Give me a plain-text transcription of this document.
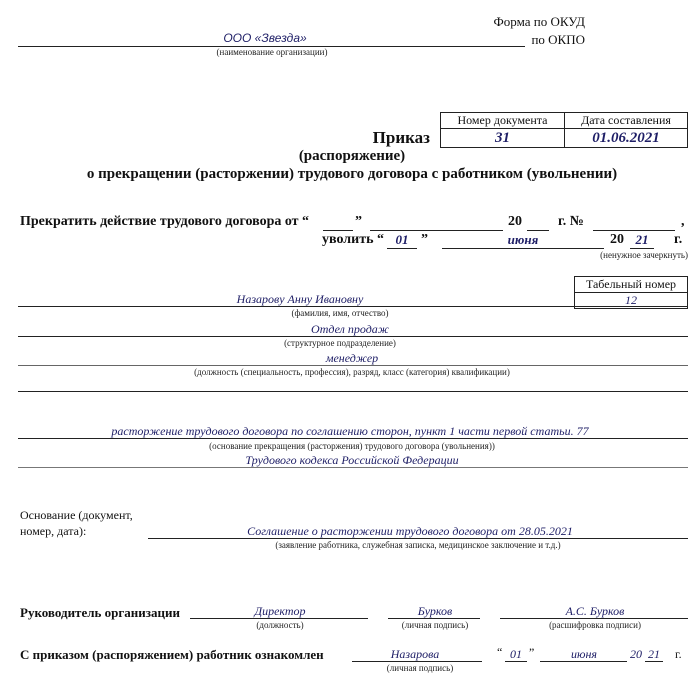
Форма по ОКУД
по ОКПО
ООО «Звезда»
(наименование организации)
Номер документа	Дата составления
31	01.06.2021
Приказ
(распоряжение)
о прекращении (расторжении) трудового договора с работником (увольнении)
Прекратить действие трудового договора от “	”	20	г. №	,
уволить “ 01 ”	июня	20 21 г.
(ненужное зачеркнуть)
Табельный номер
12
Назарову Анну Ивановну
(фамилия, имя, отчество)
Отдел продаж
(структурное подразделение)
менеджер
(должность (специальность, профессия), разряд, класс (категория) квалификации)
расторжение трудового договора по соглашению сторон, пункт 1 части первой статьи. 77
(основание прекращения (расторжения) трудового договора (увольнения))
Трудового кодекса Российской Федерации
Основание (документ,
номер, дата):	Соглашение о расторжении трудового договора от 28.05.2021
(заявление работника, служебная записка, медицинское заключение и т.д.)
Руководитель организации	Директор
(должность)
Бурков
(личная подпись)
А.С. Бурков
(расшифровка подписи)
С приказом (распоряжением) работник ознакомлен	Назарова
(личная подпись)
“ 01 ”	июня	20 21 г.
